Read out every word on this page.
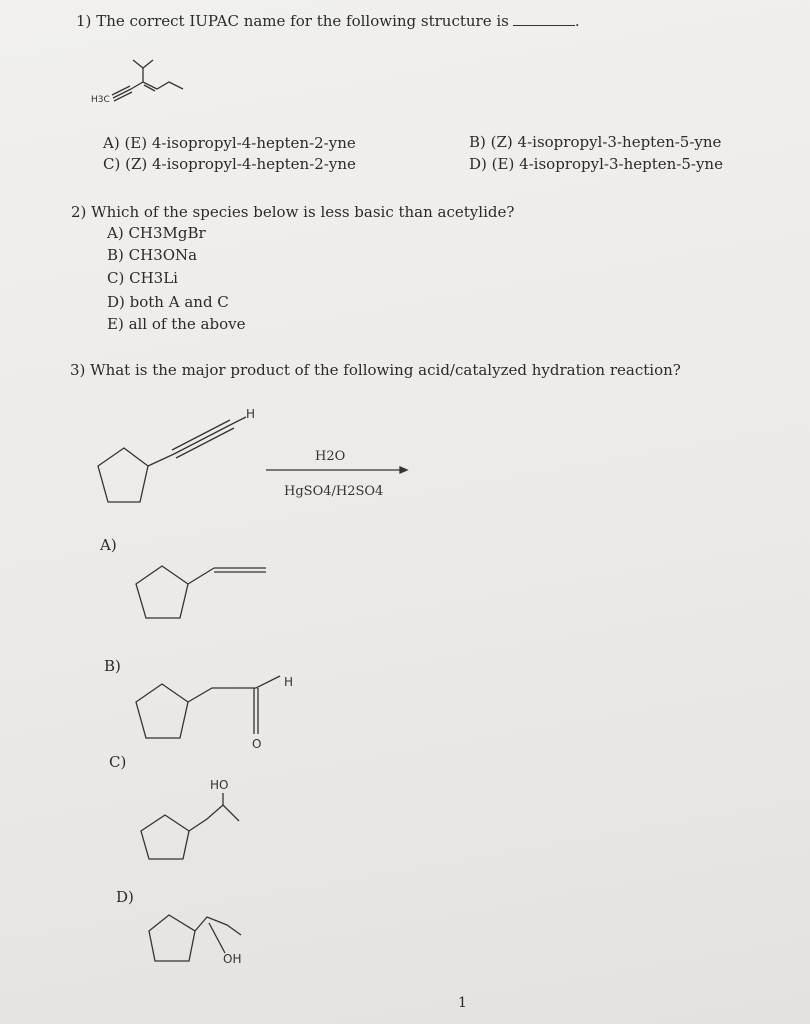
1) The correct IUPAC name for the following structure is	.
H3C
A) (E) 4-isopropyl-4-hepten-2-yne
C) (Z) 4-isopropyl-4-hepten-2-yne
B) (Z) 4-isopropyl-3-hepten-5-yne
D) (E) 4-isopropyl-3-hepten-5-yne
2) Which of the species below is less basic than acetylide?
A) CH3MgBr
B) CH3ONa
C) CH3Li
D) both A and C
E) all of the above
3) What is the major product of the following acid/catalyzed hydration reaction?
H
H2O
HgSO4/H2SO4
A)
B)
H
O
C)
HO
D)
OH
1
